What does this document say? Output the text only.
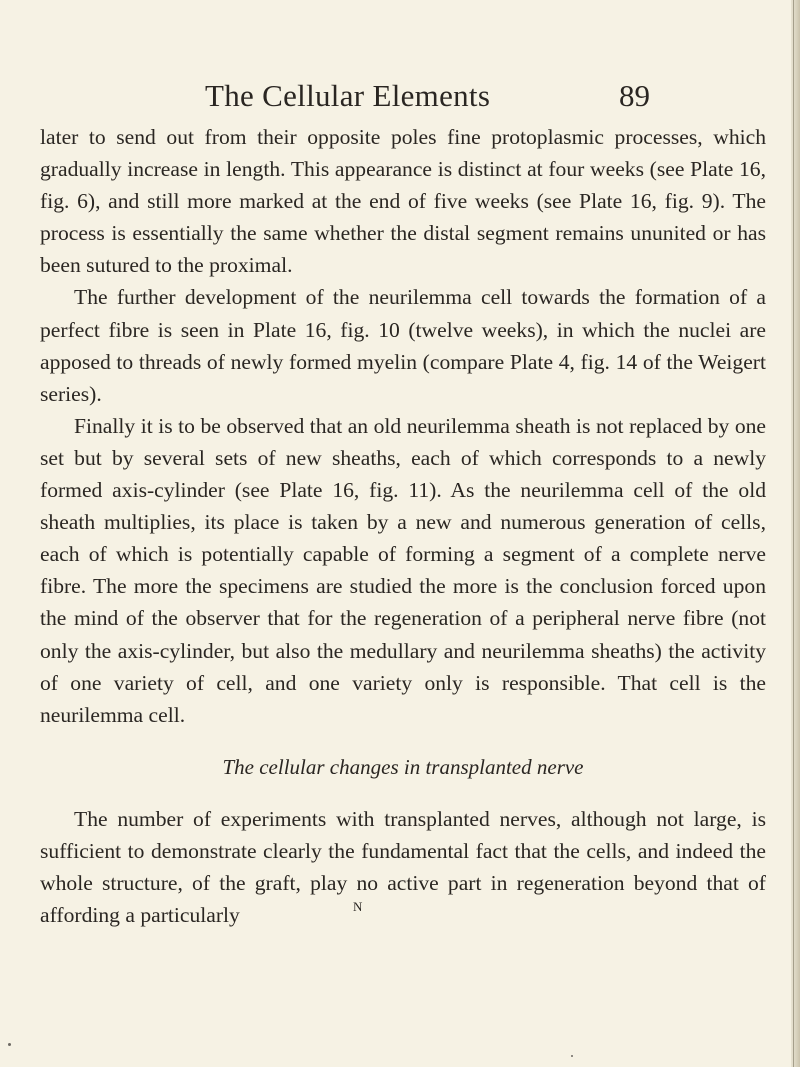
The Cellular Elements	89

later to send out from their opposite poles fine protoplasmic processes, which gradually increase in length. This appearance is distinct at four weeks (see Plate 16, fig. 6), and still more marked at the end of five weeks (see Plate 16, fig. 9). The process is essentially the same whether the distal segment remains ununited or has been sutured to the proximal.

The further development of the neurilemma cell towards the formation of a perfect fibre is seen in Plate 16, fig. 10 (twelve weeks), in which the nuclei are apposed to threads of newly formed myelin (compare Plate 4, fig. 14 of the Weigert series).

Finally it is to be observed that an old neurilemma sheath is not replaced by one set but by several sets of new sheaths, each of which corresponds to a newly formed axis-cylinder (see Plate 16, fig. 11). As the neurilemma cell of the old sheath multiplies, its place is taken by a new and numerous generation of cells, each of which is potentially capable of forming a segment of a complete nerve fibre. The more the specimens are studied the more is the conclusion forced upon the mind of the observer that for the regeneration of a peripheral nerve fibre (not only the axis-cylinder, but also the medullary and neurilemma sheaths) the activity of one variety of cell, and one variety only is responsible. That cell is the neurilemma cell.

The cellular changes in transplanted nerve

The number of experiments with transplanted nerves, although not large, is sufficient to demonstrate clearly the fundamental fact that the cells, and indeed the whole structure, of the graft, play no active part in regeneration beyond that of affording a particularly	N
